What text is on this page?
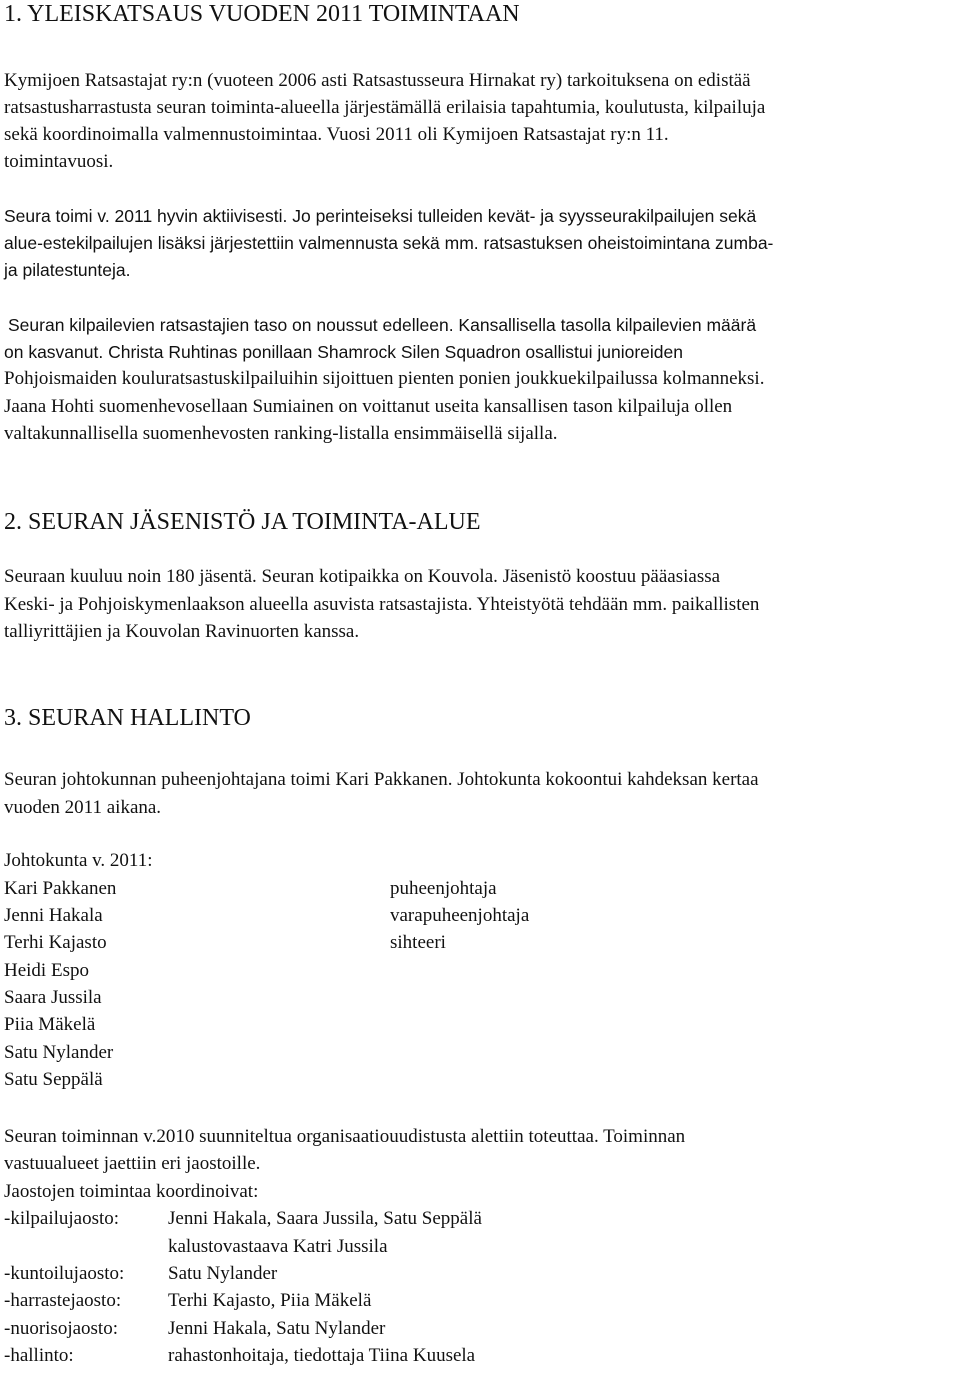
1. YLEISKATSAUS VUODEN 2011 TOIMINTAAN
Kymijoen Ratsastajat ry:n (vuoteen 2006 asti Ratsastusseura Hirnakat ry) tarkoituksena on edistää
ratsastusharrastusta seuran toiminta-alueella järjestämällä erilaisia tapahtumia, koulutusta, kilpailuja
sekä koordinoimalla valmennustoimintaa. Vuosi 2011 oli Kymijoen Ratsastajat ry:n 11.
toimintavuosi.
Seura toimi v. 2011 hyvin aktiivisesti. Jo perinteiseksi tulleiden kevät- ja syysseurakilpailujen sekä
alue-estekilpailujen lisäksi järjestettiin valmennusta sekä mm. ratsastuksen oheistoimintana zumba-
ja pilatestunteja.
Seuran kilpailevien ratsastajien taso on noussut edelleen. Kansallisella tasolla kilpailevien määrä
on kasvanut. Christa Ruhtinas ponillaan Shamrock Silen Squadron osallistui junioreiden
Pohjoismaiden kouluratsastuskilpailuihin sijoittuen pienten ponien joukkuekilpailussa kolmanneksi.
Jaana Hohti suomenhevosellaan Sumiainen on voittanut useita kansallisen tason kilpailuja ollen
valtakunnallisella suomenhevosten ranking-listalla ensimmäisellä sijalla.
2. SEURAN JÄSENISTÖ JA TOIMINTA-ALUE
Seuraan kuuluu noin 180 jäsentä. Seuran kotipaikka on Kouvola. Jäsenistö koostuu pääasiassa
Keski- ja Pohjoiskymenlaakson alueella asuvista ratsastajista. Yhteistyötä tehdään mm. paikallisten
talliyrittäjien ja Kouvolan Ravinuorten kanssa.
3. SEURAN HALLINTO
Seuran johtokunnan puheenjohtajana toimi Kari Pakkanen. Johtokunta kokoontui kahdeksan kertaa
vuoden 2011 aikana.
Johtokunta v. 2011:
Kari Pakkanen	puheenjohtaja
Jenni Hakala	varapuheenjohtaja
Terhi Kajasto	sihteeri
Heidi Espo
Saara Jussila
Piia Mäkelä
Satu Nylander
Satu Seppälä
Seuran toiminnan v.2010 suunniteltua organisaatiouudistusta alettiin toteuttaa. Toiminnan
vastuualueet jaettiin eri jaostoille.
Jaostojen toimintaa koordinoivat:
-kilpailujaosto:	Jenni Hakala, Saara Jussila, Satu Seppälä
kalustovastaava Katri Jussila
-kuntoilujaosto: Satu Nylander
-harrastejaosto: Terhi Kajasto, Piia Mäkelä
-nuorisojaosto:	Jenni Hakala, Satu Nylander
-hallinto:	rahastonhoitaja, tiedottaja Tiina Kuusela
